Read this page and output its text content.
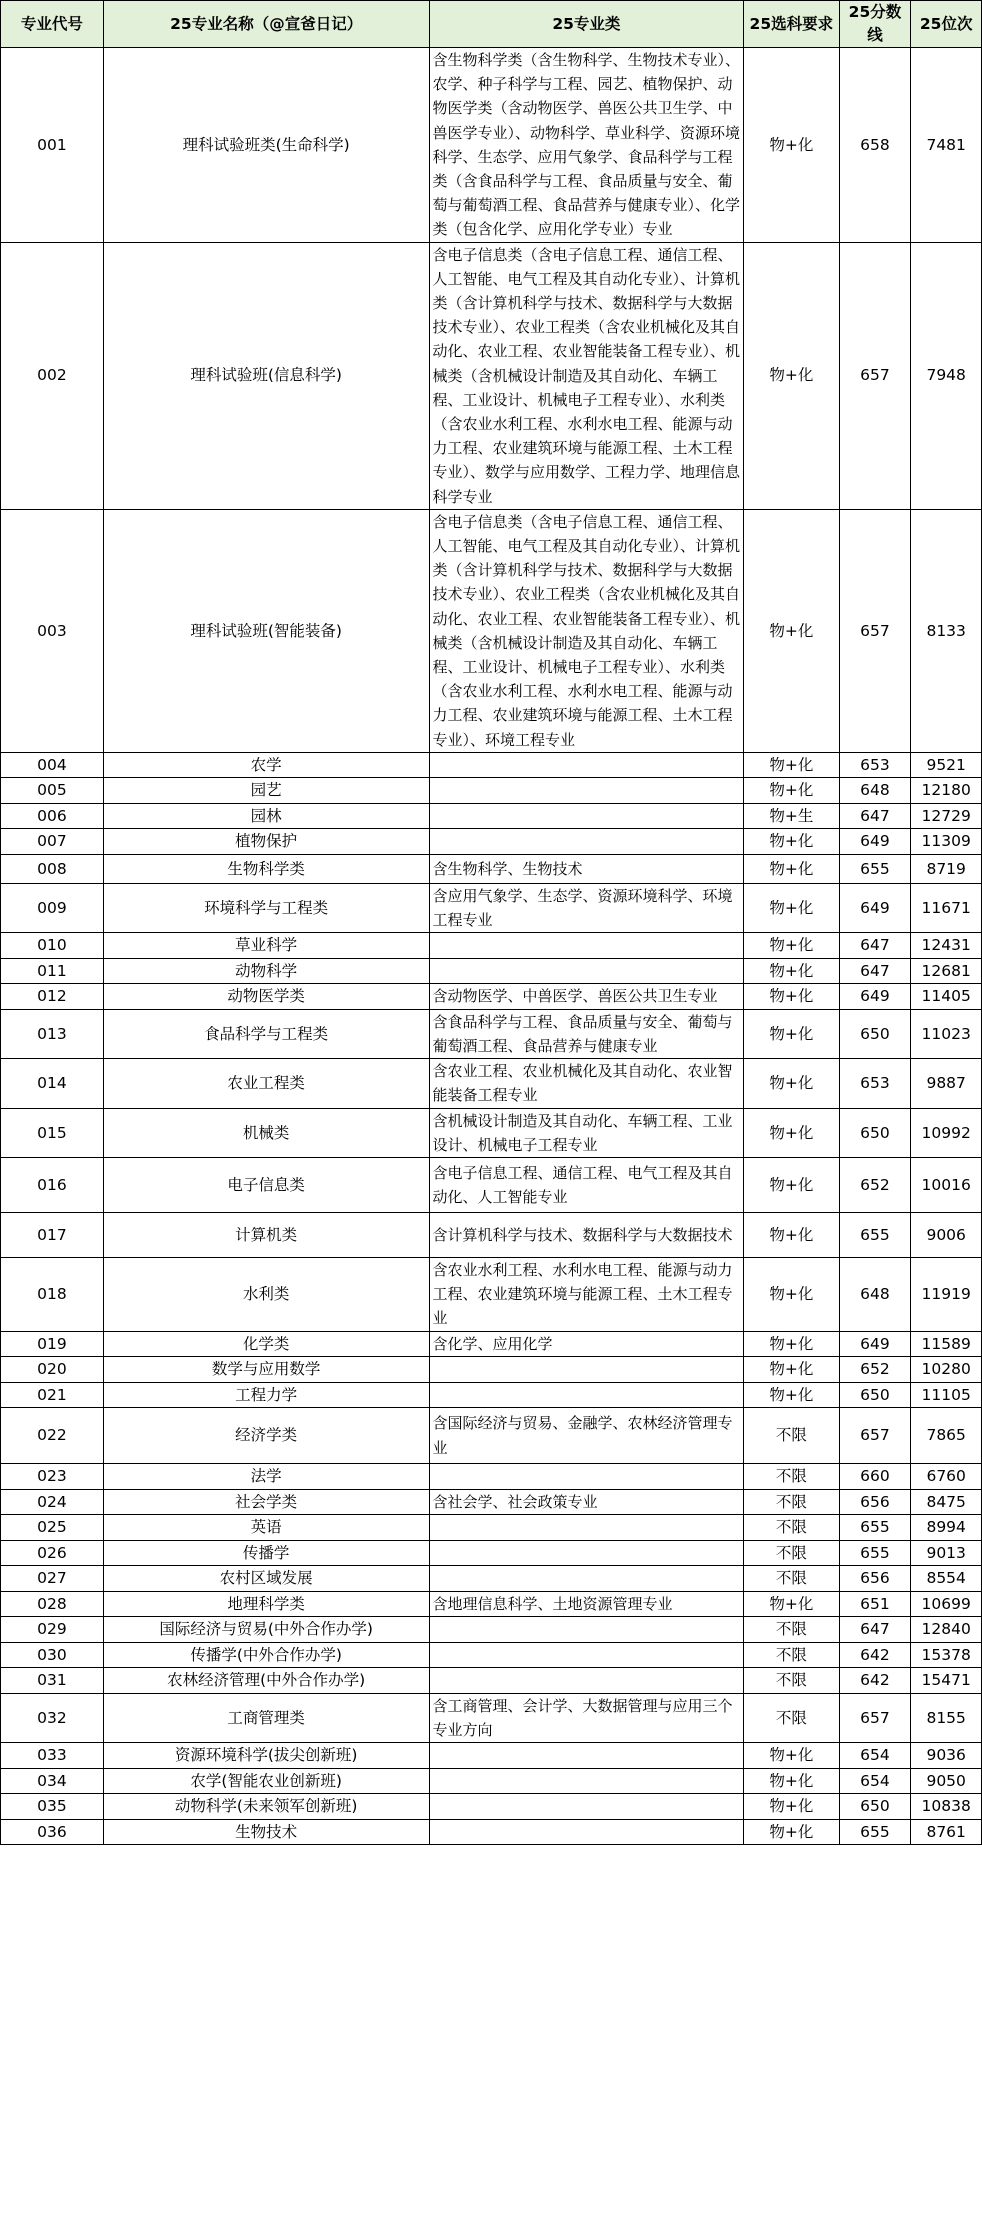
专业代号	25专业名称（@宣爸日记）	25专业类	25选科要求	25分数线	25位次
001	理科试验班类(生命科学)	含生物科学类（含生物科学、生物技术专业）、农学、种子科学与工程、园艺、植物保护、动物医学类（含动物医学、兽医公共卫生学、中兽医学专业）、动物科学、草业科学、资源环境科学、生态学、应用气象学、食品科学与工程类（含食品科学与工程、食品质量与安全、葡萄与葡萄酒工程、食品营养与健康专业）、化学类（包含化学、应用化学专业）专业	物+化	658	7481
002	理科试验班(信息科学)	含电子信息类（含电子信息工程、通信工程、人工智能、电气工程及其自动化专业）、计算机类（含计算机科学与技术、数据科学与大数据技术专业）、农业工程类（含农业机械化及其自动化、农业工程、农业智能装备工程专业）、机械类（含机械设计制造及其自动化、车辆工程、工业设计、机械电子工程专业）、水利类（含农业水利工程、水利水电工程、能源与动力工程、农业建筑环境与能源工程、土木工程专业）、数学与应用数学、工程力学、地理信息科学专业	物+化	657	7948
003	理科试验班(智能装备)	含电子信息类（含电子信息工程、通信工程、人工智能、电气工程及其自动化专业）、计算机类（含计算机科学与技术、数据科学与大数据技术专业）、农业工程类（含农业机械化及其自动化、农业工程、农业智能装备工程专业）、机械类（含机械设计制造及其自动化、车辆工程、工业设计、机械电子工程专业）、水利类（含农业水利工程、水利水电工程、能源与动力工程、农业建筑环境与能源工程、土木工程专业）、环境工程专业	物+化	657	8133
004	农学		物+化	653	9521
005	园艺		物+化	648	12180
006	园林		物+生	647	12729
007	植物保护		物+化	649	11309
008	生物科学类	含生物科学、生物技术	物+化	655	8719
009	环境科学与工程类	含应用气象学、生态学、资源环境科学、环境工程专业	物+化	649	11671
010	草业科学		物+化	647	12431
011	动物科学		物+化	647	12681
012	动物医学类	含动物医学、中兽医学、兽医公共卫生专业	物+化	649	11405
013	食品科学与工程类	含食品科学与工程、食品质量与安全、葡萄与葡萄酒工程、食品营养与健康专业	物+化	650	11023
014	农业工程类	含农业工程、农业机械化及其自动化、农业智能装备工程专业	物+化	653	9887
015	机械类	含机械设计制造及其自动化、车辆工程、工业设计、机械电子工程专业	物+化	650	10992
016	电子信息类	含电子信息工程、通信工程、电气工程及其自动化、人工智能专业	物+化	652	10016
017	计算机类	含计算机科学与技术、数据科学与大数据技术	物+化	655	9006
018	水利类	含农业水利工程、水利水电工程、能源与动力工程、农业建筑环境与能源工程、土木工程专业	物+化	648	11919
019	化学类	含化学、应用化学	物+化	649	11589
020	数学与应用数学		物+化	652	10280
021	工程力学		物+化	650	11105
022	经济学类	含国际经济与贸易、金融学、农林经济管理专业	不限	657	7865
023	法学		不限	660	6760
024	社会学类	含社会学、社会政策专业	不限	656	8475
025	英语		不限	655	8994
026	传播学		不限	655	9013
027	农村区域发展		不限	656	8554
028	地理科学类	含地理信息科学、土地资源管理专业	物+化	651	10699
029	国际经济与贸易(中外合作办学)		不限	647	12840
030	传播学(中外合作办学)		不限	642	15378
031	农林经济管理(中外合作办学)		不限	642	15471
032	工商管理类	含工商管理、会计学、大数据管理与应用三个专业方向	不限	657	8155
033	资源环境科学(拔尖创新班)		物+化	654	9036
034	农学(智能农业创新班)		物+化	654	9050
035	动物科学(未来领军创新班)		物+化	650	10838
036	生物技术		物+化	655	8761
